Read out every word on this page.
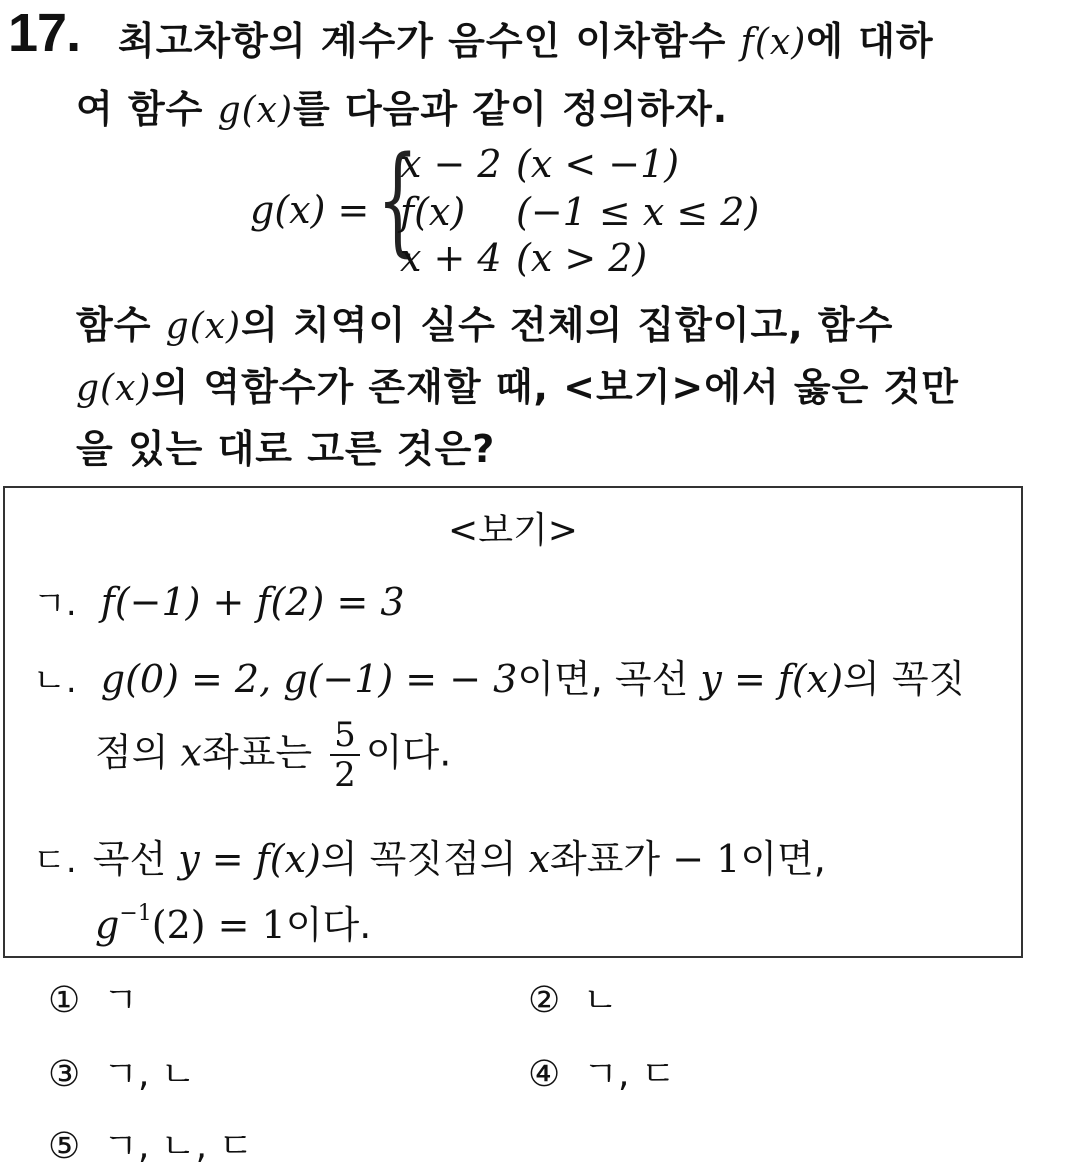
17. 최고차항의 계수가 음수인 이차함수 f(x)에 대하
여 함수 g(x)를 다음과 같이 정의하자.
g(x) = {
x − 2 (x < −1)
f(x) (−1 ≤ x ≤ 2)
x + 4 (x > 2)
함수 g(x)의 치역이 실수 전체의 집합이고, 함수
g(x)의 역함수가 존재할 때, <보기>에서 옳은 것만
을 있는 대로 고른 것은?
<보기>
ㄱ. f(−1) + f(2) = 3
ㄴ. g(0) = 2, g(−1) = − 3이면, 곡선 y = f(x)의 꼭짓
점의 x좌표는 $\frac{5}{2}$ 이다.
ㄷ. 곡선 y = f(x)의 꼭짓점의 x좌표가 − 1이면,
$g^{-1}(2) = 1$이다.
① ㄱ	② ㄴ
③ ㄱ, ㄴ	④ ㄱ, ㄷ
⑤ ㄱ, ㄴ, ㄷ
